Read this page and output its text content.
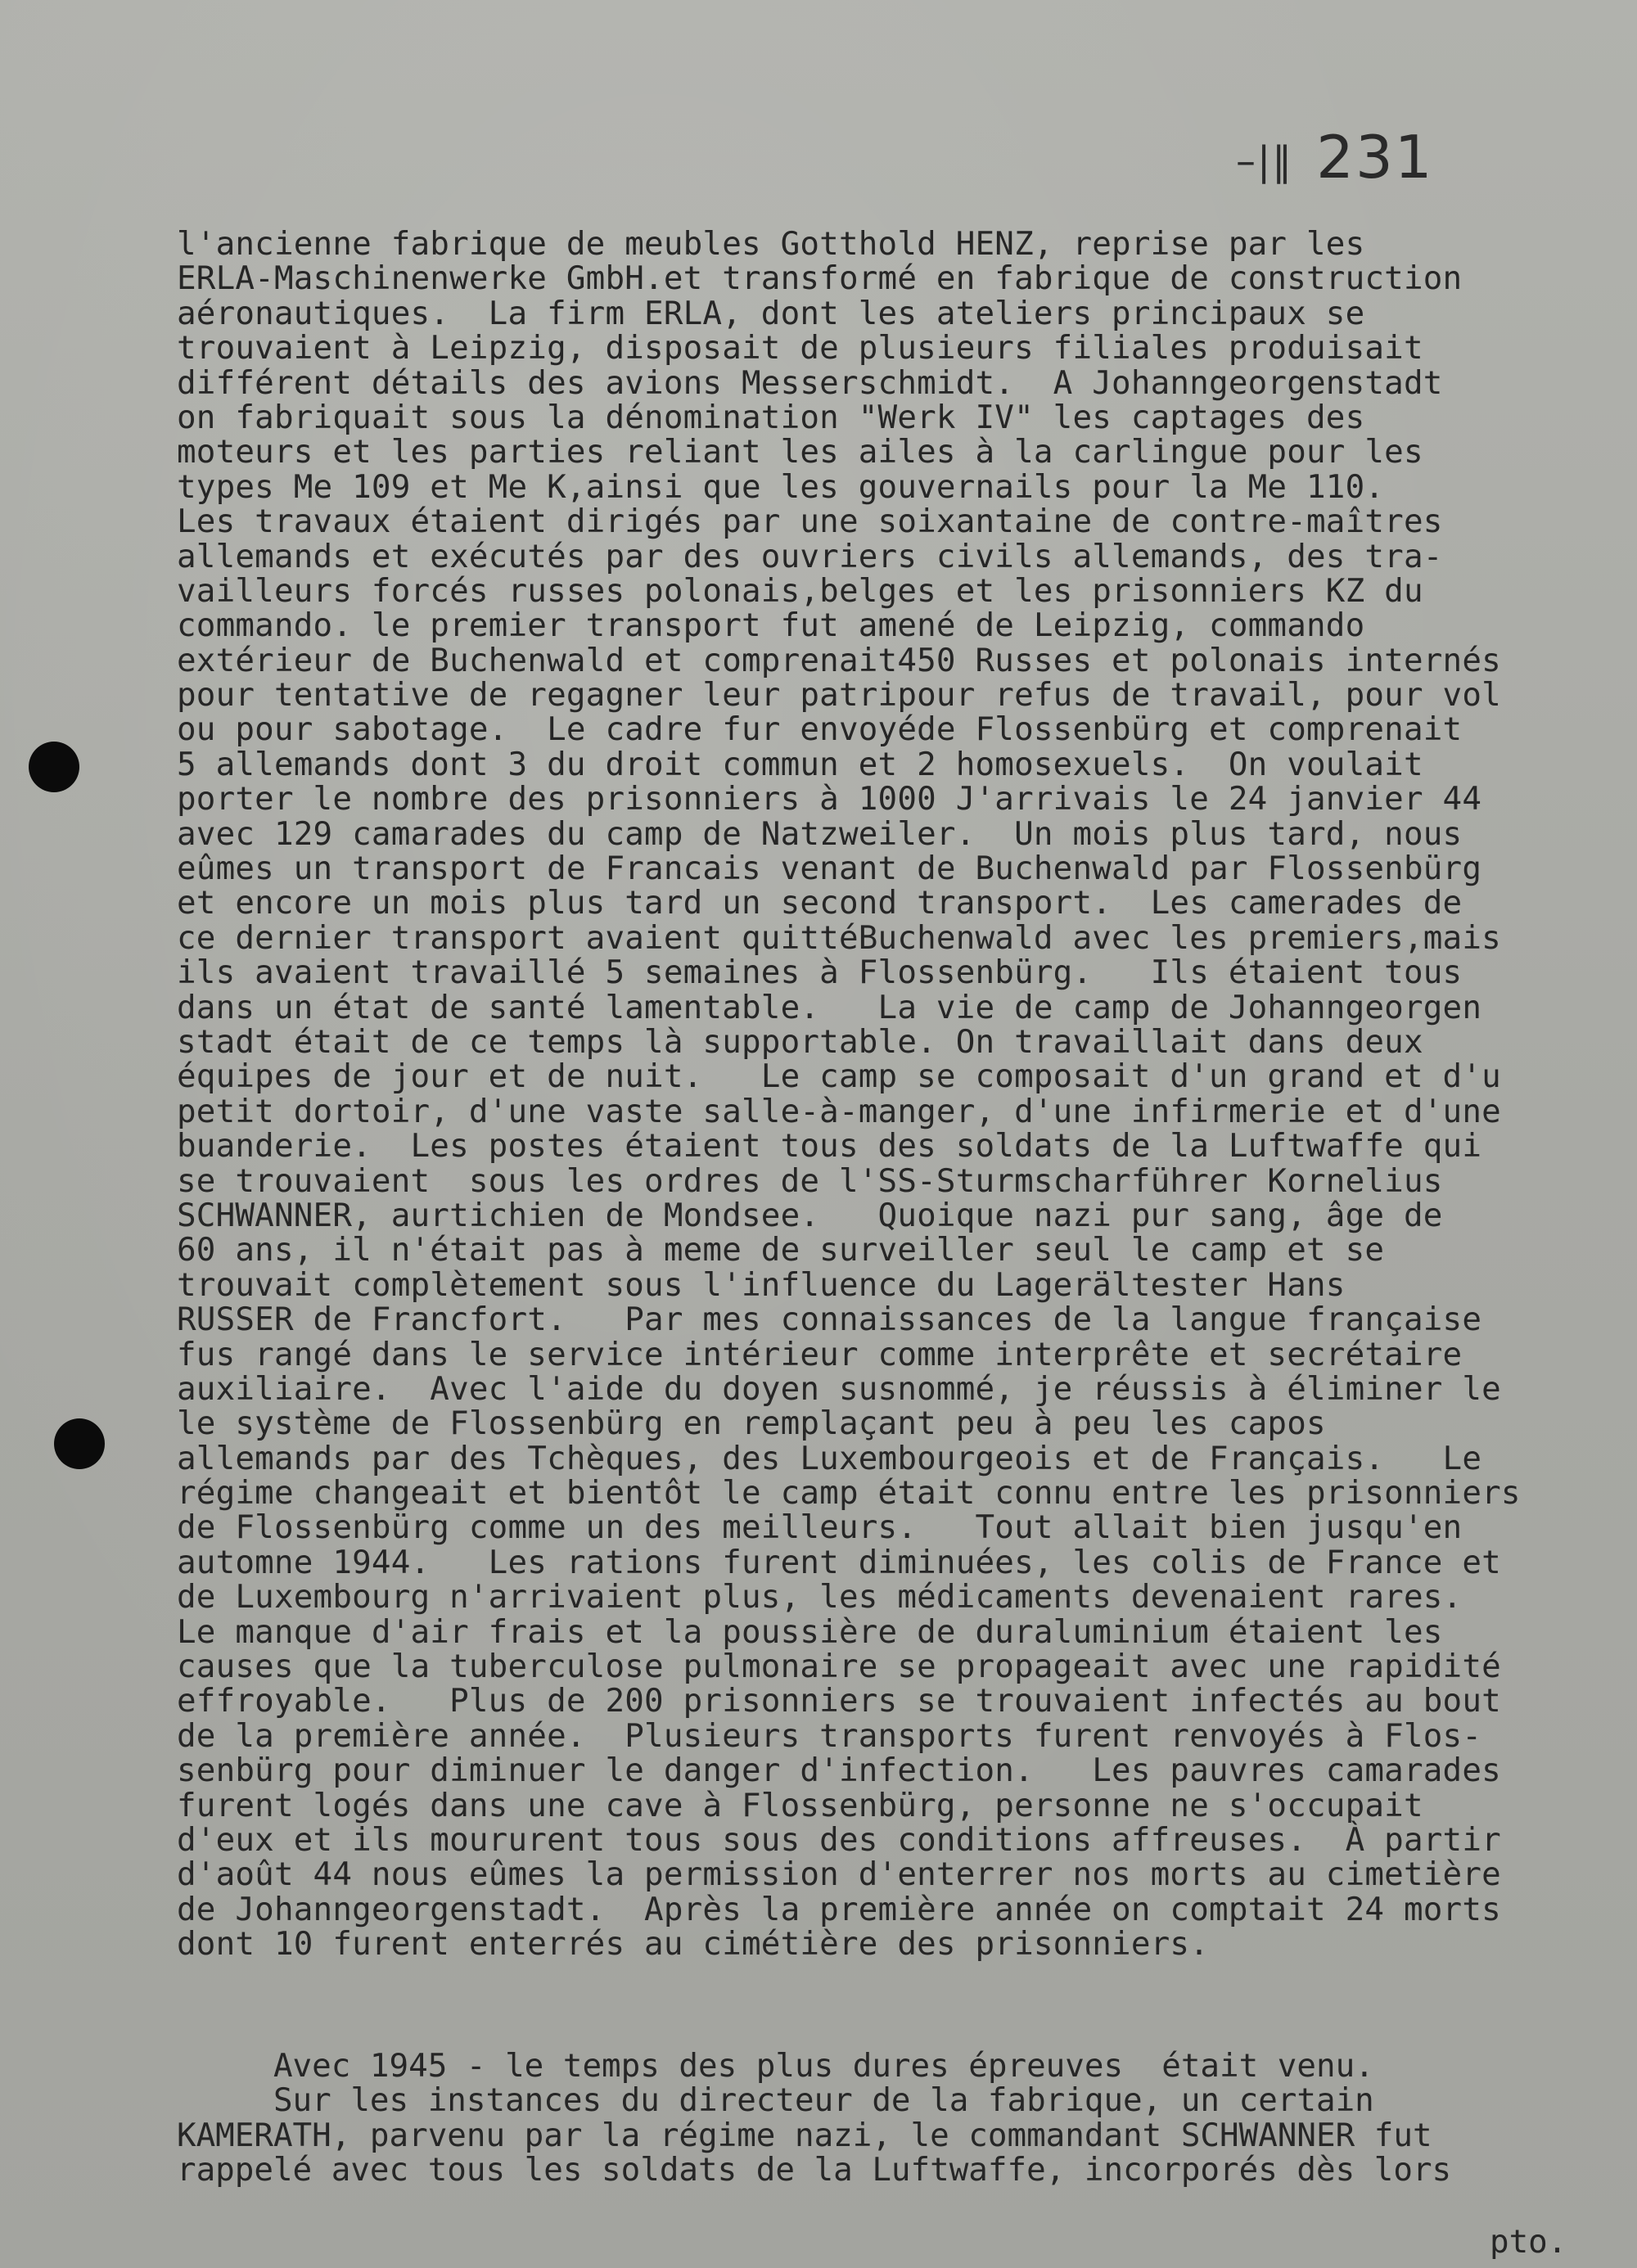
–|‖ 231
l'ancienne fabrique de meubles Gotthold HENZ, reprise par les
ERLA-Maschinenwerke GmbH.et transformé en fabrique de construction
aéronautiques.  La firm ERLA, dont les ateliers principaux se
trouvaient à Leipzig, disposait de plusieurs filiales produisait
différent détails des avions Messerschmidt.  A Johanngeorgenstadt
on fabriquait sous la dénomination "Werk IV" les captages des
moteurs et les parties reliant les ailes à la carlingue pour les
types Me 109 et Me K,ainsi que les gouvernails pour la Me 110.
Les travaux étaient dirigés par une soixantaine de contre-maîtres
allemands et exécutés par des ouvriers civils allemands, des tra-
vailleurs forcés russes polonais,belges et les prisonniers KZ du
commando. le premier transport fut amené de Leipzig, commando
extérieur de Buchenwald et comprenait450 Russes et polonais internés
pour tentative de regagner leur patripour refus de travail, pour vol
ou pour sabotage.  Le cadre fur envoyéde Flossenbürg et comprenait
5 allemands dont 3 du droit commun et 2 homosexuels.  On voulait
porter le nombre des prisonniers à 1000 J'arrivais le 24 janvier 44
avec 129 camarades du camp de Natzweiler.  Un mois plus tard, nous
eûmes un transport de Francais venant de Buchenwald par Flossenbürg
et encore un mois plus tard un second transport.  Les camerades de
ce dernier transport avaient quittéBuchenwald avec les premiers,mais
ils avaient travaillé 5 semaines à Flossenbürg.   Ils étaient tous
dans un état de santé lamentable.   La vie de camp de Johanngeorgen
stadt était de ce temps là supportable. On travaillait dans deux
équipes de jour et de nuit.   Le camp se composait d'un grand et d'u
petit dortoir, d'une vaste salle-à-manger, d'une infirmerie et d'une
buanderie.  Les postes étaient tous des soldats de la Luftwaffe qui
se trouvaient  sous les ordres de l'SS-Sturmscharführer Kornelius
SCHWANNER, aurtichien de Mondsee.   Quoique nazi pur sang, âge de
60 ans, il n'était pas à meme de surveiller seul le camp et se
trouvait complètement sous l'influence du Lagerältester Hans
RUSSER de Francfort.   Par mes connaissances de la langue française
fus rangé dans le service intérieur comme interprête et secrétaire
auxiliaire.  Avec l'aide du doyen susnommé, je réussis à éliminer le
le système de Flossenbürg en remplaçant peu à peu les capos
allemands par des Tchèques, des Luxembourgeois et de Français.   Le
régime changeait et bientôt le camp était connu entre les prisonniers
de Flossenbürg comme un des meilleurs.   Tout allait bien jusqu'en
automne 1944.   Les rations furent diminuées, les colis de France et
de Luxembourg n'arrivaient plus, les médicaments devenaient rares.
Le manque d'air frais et la poussière de duraluminium étaient les
causes que la tuberculose pulmonaire se propageait avec une rapidité
effroyable.   Plus de 200 prisonniers se trouvaient infectés au bout
de la première année.  Plusieurs transports furent renvoyés à Flos-
senbürg pour diminuer le danger d'infection.   Les pauvres camarades
furent logés dans une cave à Flossenbürg, personne ne s'occupait
d'eux et ils moururent tous sous des conditions affreuses.  À partir
d'août 44 nous eûmes la permission d'enterrer nos morts au cimetière
de Johanngeorgenstadt.  Après la première année on comptait 24 morts
dont 10 furent enterrés au cimétière des prisonniers.
Avec 1945 - le temps des plus dures épreuves  était venu.
Sur les instances du directeur de la fabrique, un certain
KAMERATH, parvenu par la régime nazi, le commandant SCHWANNER fut
rappelé avec tous les soldats de la Luftwaffe, incorporés dès lors
pto.
